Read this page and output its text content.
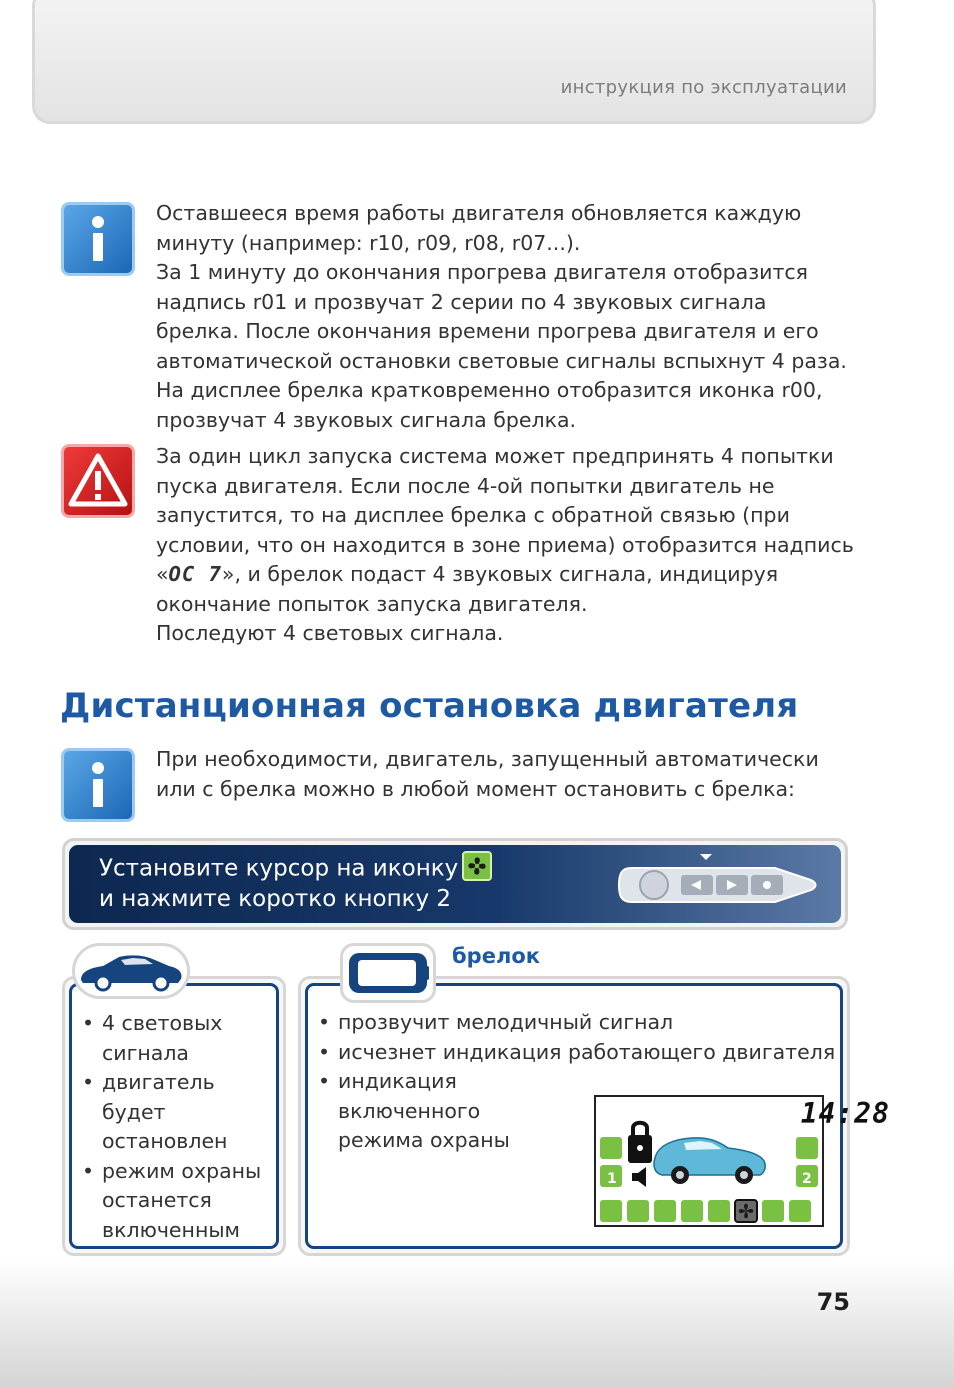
инструкция по эксплуатации

Оставшееся время работы двигателя обновляется каждую

минуту (например: r10, r09, r08, r07...).

За 1 минуту до окончания прогрева двигателя отобразится

надпись r01 и прозвучат 2 серии по 4 звуковых сигнала

брелка. После окончания времени прогрева двигателя и его

автоматической остановки световые сигналы вспыхнут 4 раза.

На дисплее брелка кратковременно отобразится иконка r00,

прозвучат 4 звуковых сигнала брелка.

За один цикл запуска система может предпринять 4 попытки

пуска двигателя. Если после 4-ой попытки двигатель не

запустится, то на дисплее брелка с обратной связью (при

условии, что он находится в зоне приема) отобразится надпись

«OC 7», и брелок подаст 4 звуковых сигнала, индицируя

окончание попыток запуска двигателя.

Последуют 4 световых сигнала.

Дистанционная остановка двигателя

При необходимости, двигатель, запущенный автоматически

или с брелка можно в любой момент остановить с брелка:

Установите курсор на иконку
и нажмите коротко кнопку 2
• 4 световых
сигнала
• двигатель
будет
остановлен
• режим охраны
останется
включенным
• прозвучит мелодичный сигнал
• исчезнет индикация работающего двигателя
• индикация
включенного
режима охраны
брелок
2
1
14:28
75
